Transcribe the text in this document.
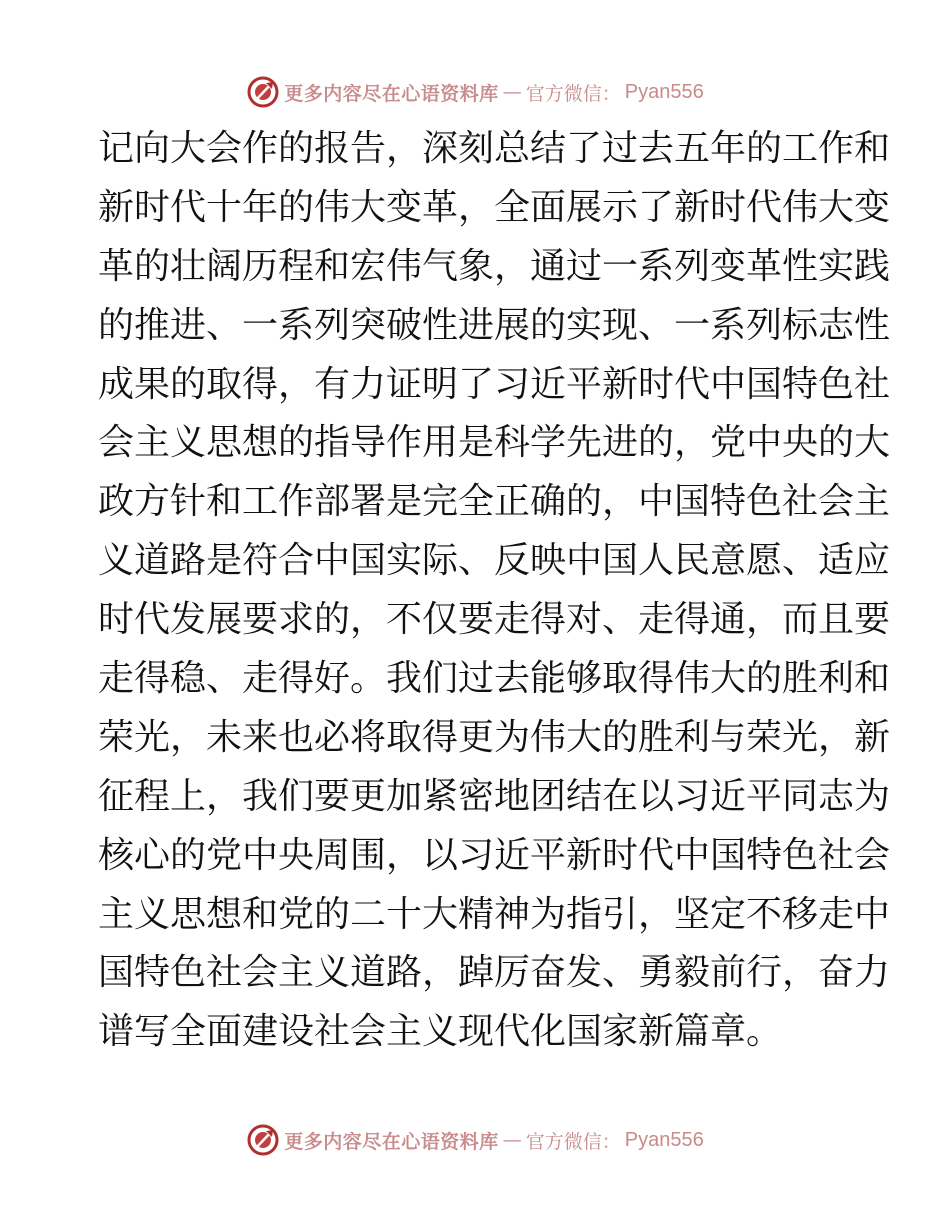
更多内容尽在心语资料库 — 官方微信： Pyan556
记向大会作的报告，深刻总结了过去五年的工作和
新时代十年的伟大变革，全面展示了新时代伟大变
革的壮阔历程和宏伟气象，通过一系列变革性实践
的推进、一系列突破性进展的实现、一系列标志性
成果的取得，有力证明了习近平新时代中国特色社
会主义思想的指导作用是科学先进的，党中央的大
政方针和工作部署是完全正确的，中国特色社会主
义道路是符合中国实际、反映中国人民意愿、适应
时代发展要求的，不仅要走得对、走得通，而且要
走得稳、走得好。我们过去能够取得伟大的胜利和
荣光，未来也必将取得更为伟大的胜利与荣光，新
征程上，我们要更加紧密地团结在以习近平同志为
核心的党中央周围，以习近平新时代中国特色社会
主义思想和党的二十大精神为指引，坚定不移走中
国特色社会主义道路，踔厉奋发、勇毅前行，奋力
谱写全面建设社会主义现代化国家新篇章。
更多内容尽在心语资料库 — 官方微信： Pyan556
